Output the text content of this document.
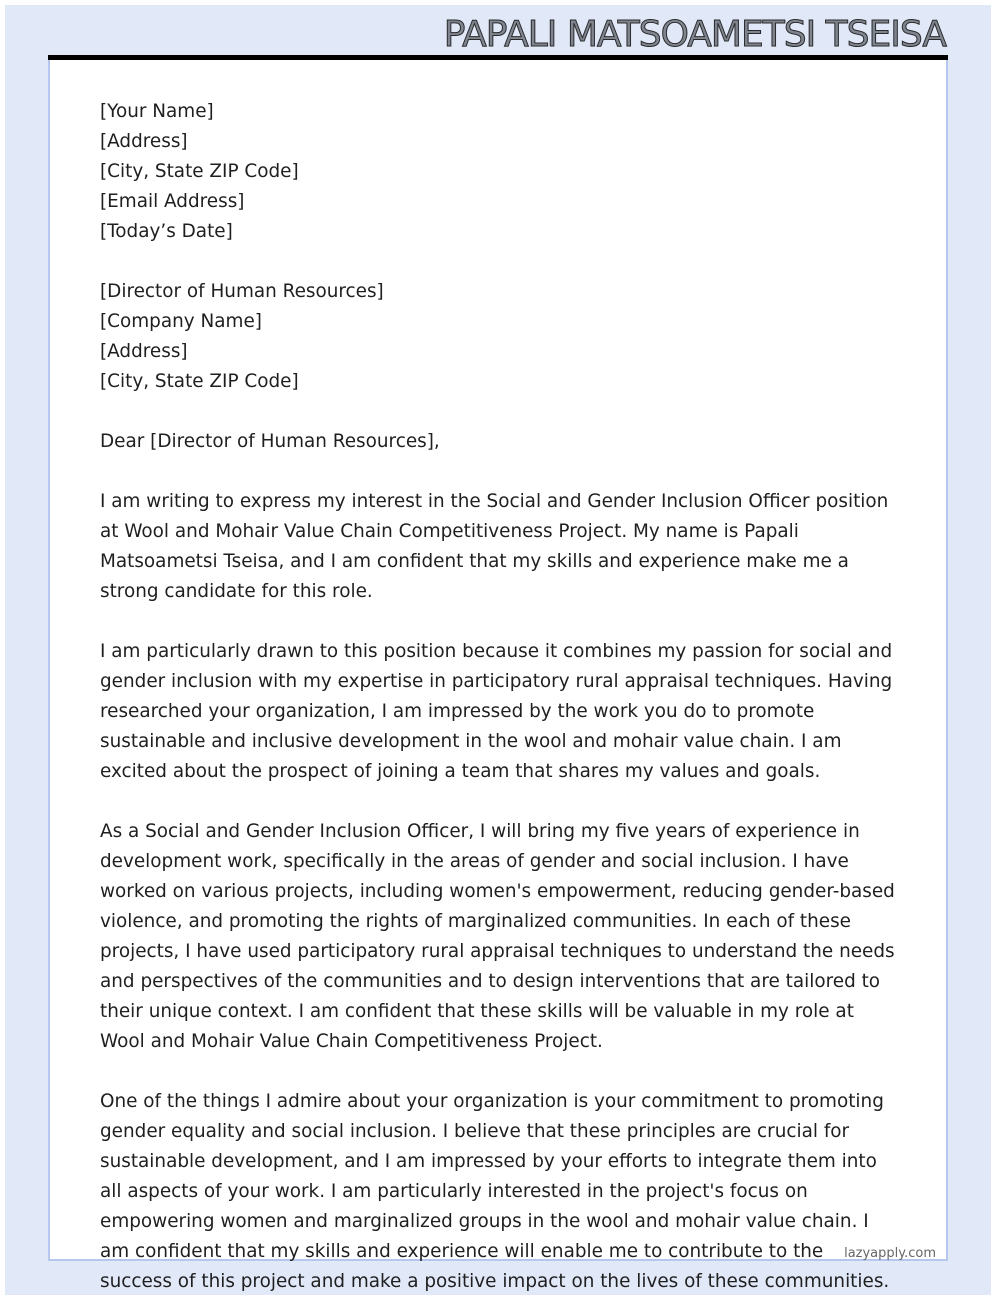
PAPALI MATSOAMETSI TSEISA
[Your Name]
[Address]
[City, State ZIP Code]
[Email Address]
[Today’s Date]
[Director of Human Resources]
[Company Name]
[Address]
[City, State ZIP Code]
Dear [Director of Human Resources],

I am writing to express my interest in the Social and Gender Inclusion Officer position at Wool and Mohair Value Chain Competitiveness Project. My name is Papali Matsoametsi Tseisa, and I am confident that my skills and experience make me a strong candidate for this role.

I am particularly drawn to this position because it combines my passion for social and gender inclusion with my expertise in participatory rural appraisal techniques. Having researched your organization, I am impressed by the work you do to promote sustainable and inclusive development in the wool and mohair value chain. I am excited about the prospect of joining a team that shares my values and goals.

As a Social and Gender Inclusion Officer, I will bring my five years of experience in development work, specifically in the areas of gender and social inclusion. I have worked on various projects, including women's empowerment, reducing gender-based violence, and promoting the rights of marginalized communities. In each of these projects, I have used participatory rural appraisal techniques to understand the needs and perspectives of the communities and to design interventions that are tailored to their unique context. I am confident that these skills will be valuable in my role at Wool and Mohair Value Chain Competitiveness Project.

One of the things I admire about your organization is your commitment to promoting gender equality and social inclusion. I believe that these principles are crucial for sustainable development, and I am impressed by your efforts to integrate them into all aspects of your work. I am particularly interested in the project's focus on empowering women and marginalized groups in the wool and mohair value chain. I am confident that my skills and experience will enable me to contribute to the success of this project and make a positive impact on the lives of these communities.

lazyapply.com
